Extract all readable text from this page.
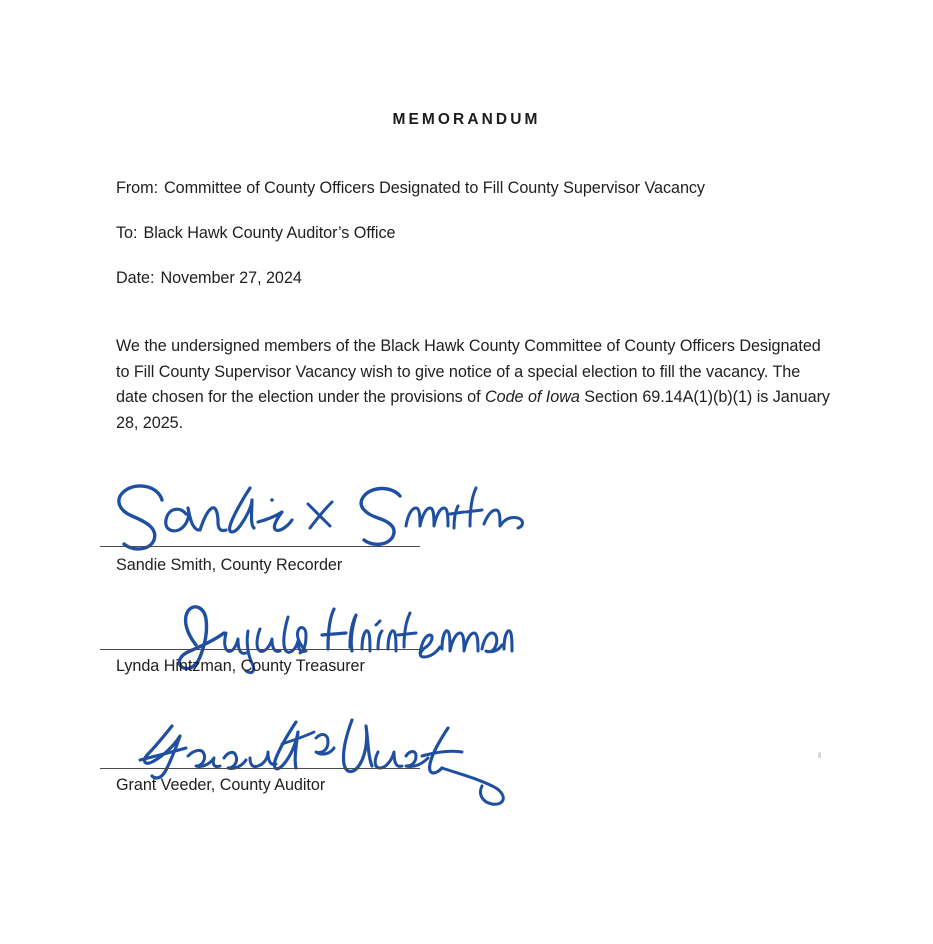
MEMORANDUM
From: Committee of County Officers Designated to Fill County Supervisor Vacancy
To: Black Hawk County Auditor’s Office
Date: November 27, 2024
We the undersigned members of the Black Hawk County Committee of County Officers Designated to Fill County Supervisor Vacancy wish to give notice of a special election to fill the vacancy. The date chosen for the election under the provisions of Code of Iowa Section 69.14A(1)(b)(1) is January 28, 2025.
Sandie Smith, County Recorder
Lynda Hintzman, County Treasurer
Grant Veeder, County Auditor
